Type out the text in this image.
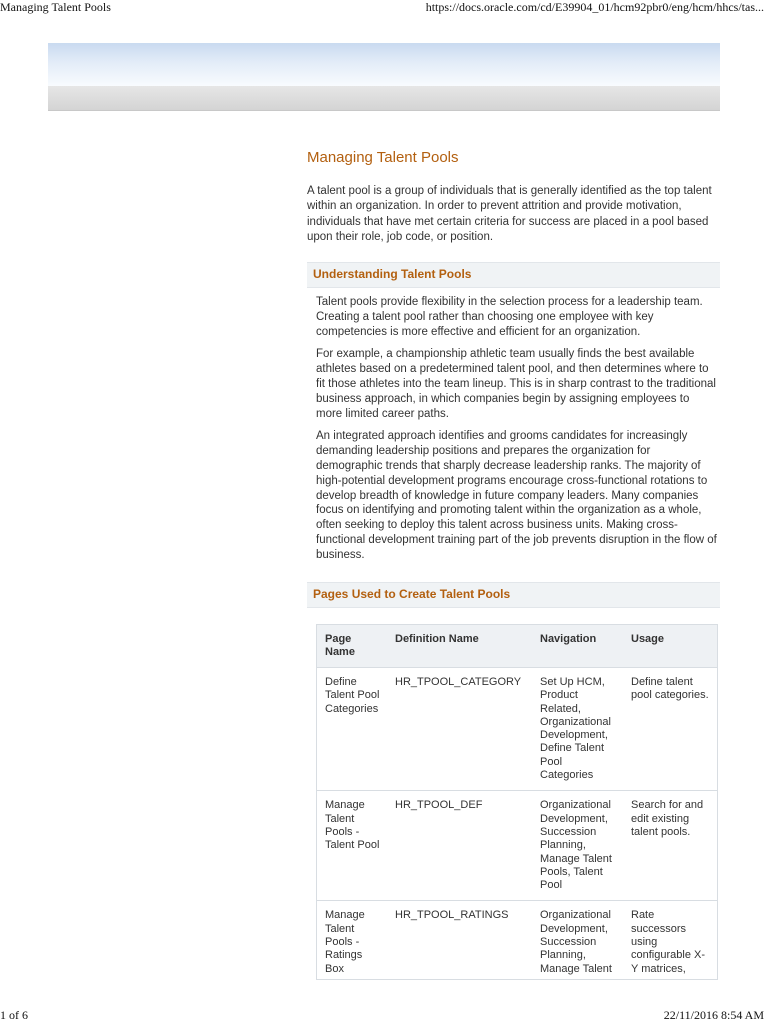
Managing Talent Pools	https://docs.oracle.com/cd/E39904_01/hcm92pbr0/eng/hcm/hhcs/tas...
Managing Talent Pools

A talent pool is a group of individuals that is generally identified as the top talent within an organization. In order to prevent attrition and provide motivation, individuals that have met certain criteria for success are placed in a pool based upon their role, job code, or position.

Understanding Talent Pools

Talent pools provide flexibility in the selection process for a leadership team. Creating a talent pool rather than choosing one employee with key competencies is more effective and efficient for an organization.

For example, a championship athletic team usually finds the best available athletes based on a predetermined talent pool, and then determines where to fit those athletes into the team lineup. This is in sharp contrast to the traditional business approach, in which companies begin by assigning employees to more limited career paths.

An integrated approach identifies and grooms candidates for increasingly demanding leadership positions and prepares the organization for demographic trends that sharply decrease leadership ranks. The majority of high-potential development programs encourage cross-functional rotations to develop breadth of knowledge in future company leaders. Many companies focus on identifying and promoting talent within the organization as a whole, often seeking to deploy this talent across business units. Making cross-functional development training part of the job prevents disruption in the flow of business.

Pages Used to Create Talent Pools
Page Name	Definition Name	Navigation	Usage
Define Talent Pool Categories	HR_TPOOL_CATEGORY	Set Up HCM, Product Related, Organizational Development, Define Talent Pool Categories	Define talent pool categories.
Manage Talent Pools - Talent Pool	HR_TPOOL_DEF	Organizational Development, Succession Planning, Manage Talent Pools, Talent Pool	Search for and edit existing talent pools.
Manage Talent Pools - Ratings Box	HR_TPOOL_RATINGS	Organizational Development, Succession Planning, Manage Talent	Rate successors using configurable X-Y matrices,
1 of 6	22/11/2016 8:54 AM
